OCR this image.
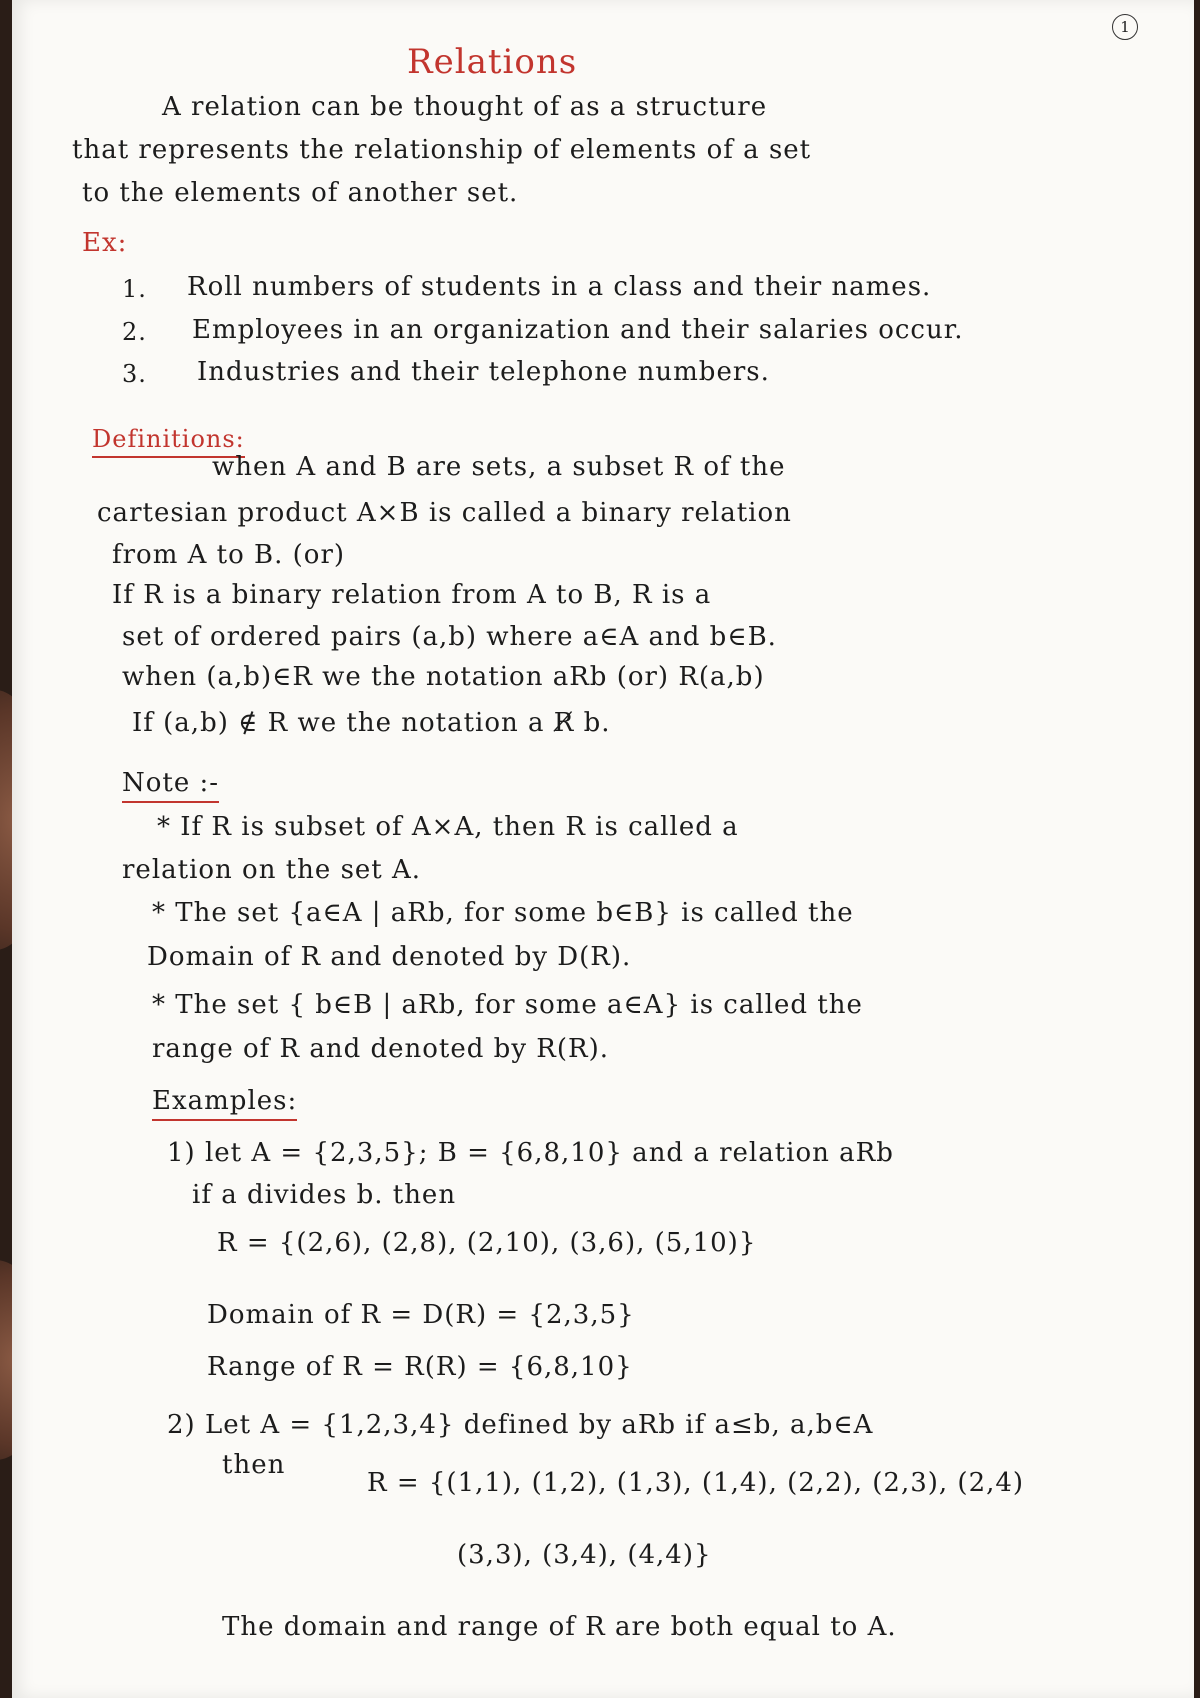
1
Relations
A relation can be thought of as a structure
that represents the relationship of elements of a set
to the elements of another set.
Ex:
1. Roll numbers of students in a class and their names.
2. Employees in an organization and their salaries occur.
3. Industries and their telephone numbers.
Definitions:
when A and B are sets, a subset R of the
cartesian product A×B is called a binary relation
from A to B. (or)
If R is a binary relation from A to B, R is a
set of ordered pairs (a,b) where a∈A and b∈B.
when (a,b)∈R we the notation aRb (or) R(a,b)
If (a,b) ∉ R we the notation a R̸ b.
Note :-
* If R is subset of A×A, then R is called a
relation on the set A.
* The set {a∈A | aRb, for some b∈B} is called the
Domain of R and denoted by D(R).
* The set { b∈B | aRb, for some a∈A} is called the
range of R and denoted by R(R).
Examples:
1) let A = {2,3,5}; B = {6,8,10} and a relation aRb
if a divides b. then
R = {(2,6), (2,8), (2,10), (3,6), (5,10)}
Domain of R = D(R) = {2,3,5}
Range of R = R(R) = {6,8,10}
2) Let A = {1,2,3,4} defined by aRb if a≤b, a,b∈A
then
R = {(1,1), (1,2), (1,3), (1,4), (2,2), (2,3), (2,4)
(3,3), (3,4), (4,4)}
The domain and range of R are both equal to A.
